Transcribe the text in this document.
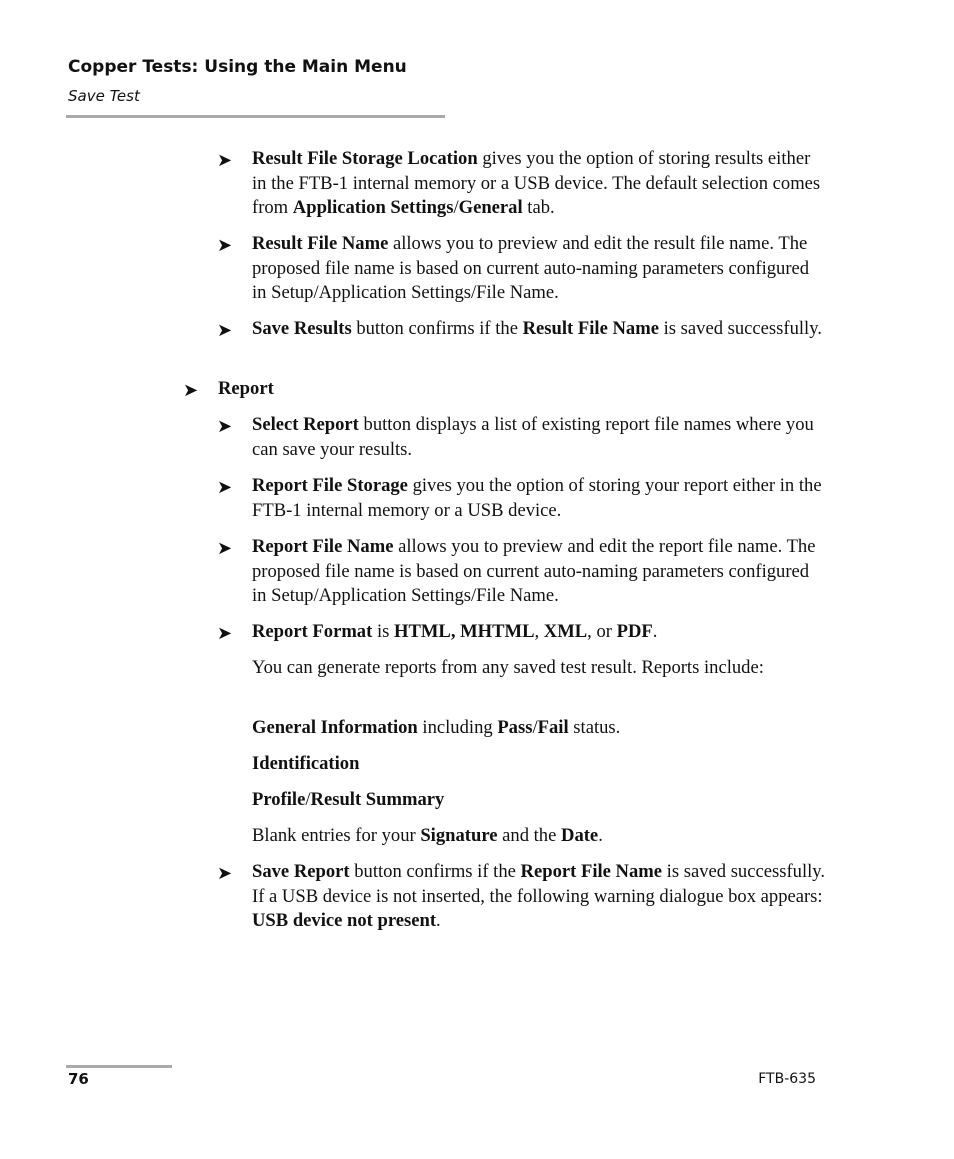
Copper Tests: Using the Main Menu
Save Test
➤	Result File Storage Location gives you the option of storing results either in the FTB-1 internal memory or a USB device. The default selection comes from Application Settings/General tab.
➤	Result File Name allows you to preview and edit the result file name. The proposed file name is based on current auto-naming parameters configured in Setup/Application Settings/File Name.
➤	Save Results button confirms if the Result File Name is saved successfully.
➤	Report
➤	Select Report button displays a list of existing report file names where you can save your results.
➤	Report File Storage gives you the option of storing your report either in the FTB-1 internal memory or a USB device.
➤	Report File Name allows you to preview and edit the report file name. The proposed file name is based on current auto-naming parameters configured in Setup/Application Settings/File Name.
➤	Report Format is HTML, MHTML, XML, or PDF.
You can generate reports from any saved test result. Reports include:
General Information including Pass/Fail status.
Identification
Profile/Result Summary
Blank entries for your Signature and the Date.
➤	Save Report button confirms if the Report File Name is saved successfully. If a USB device is not inserted, the following warning dialogue box appears: USB device not present.
76	FTB-635
